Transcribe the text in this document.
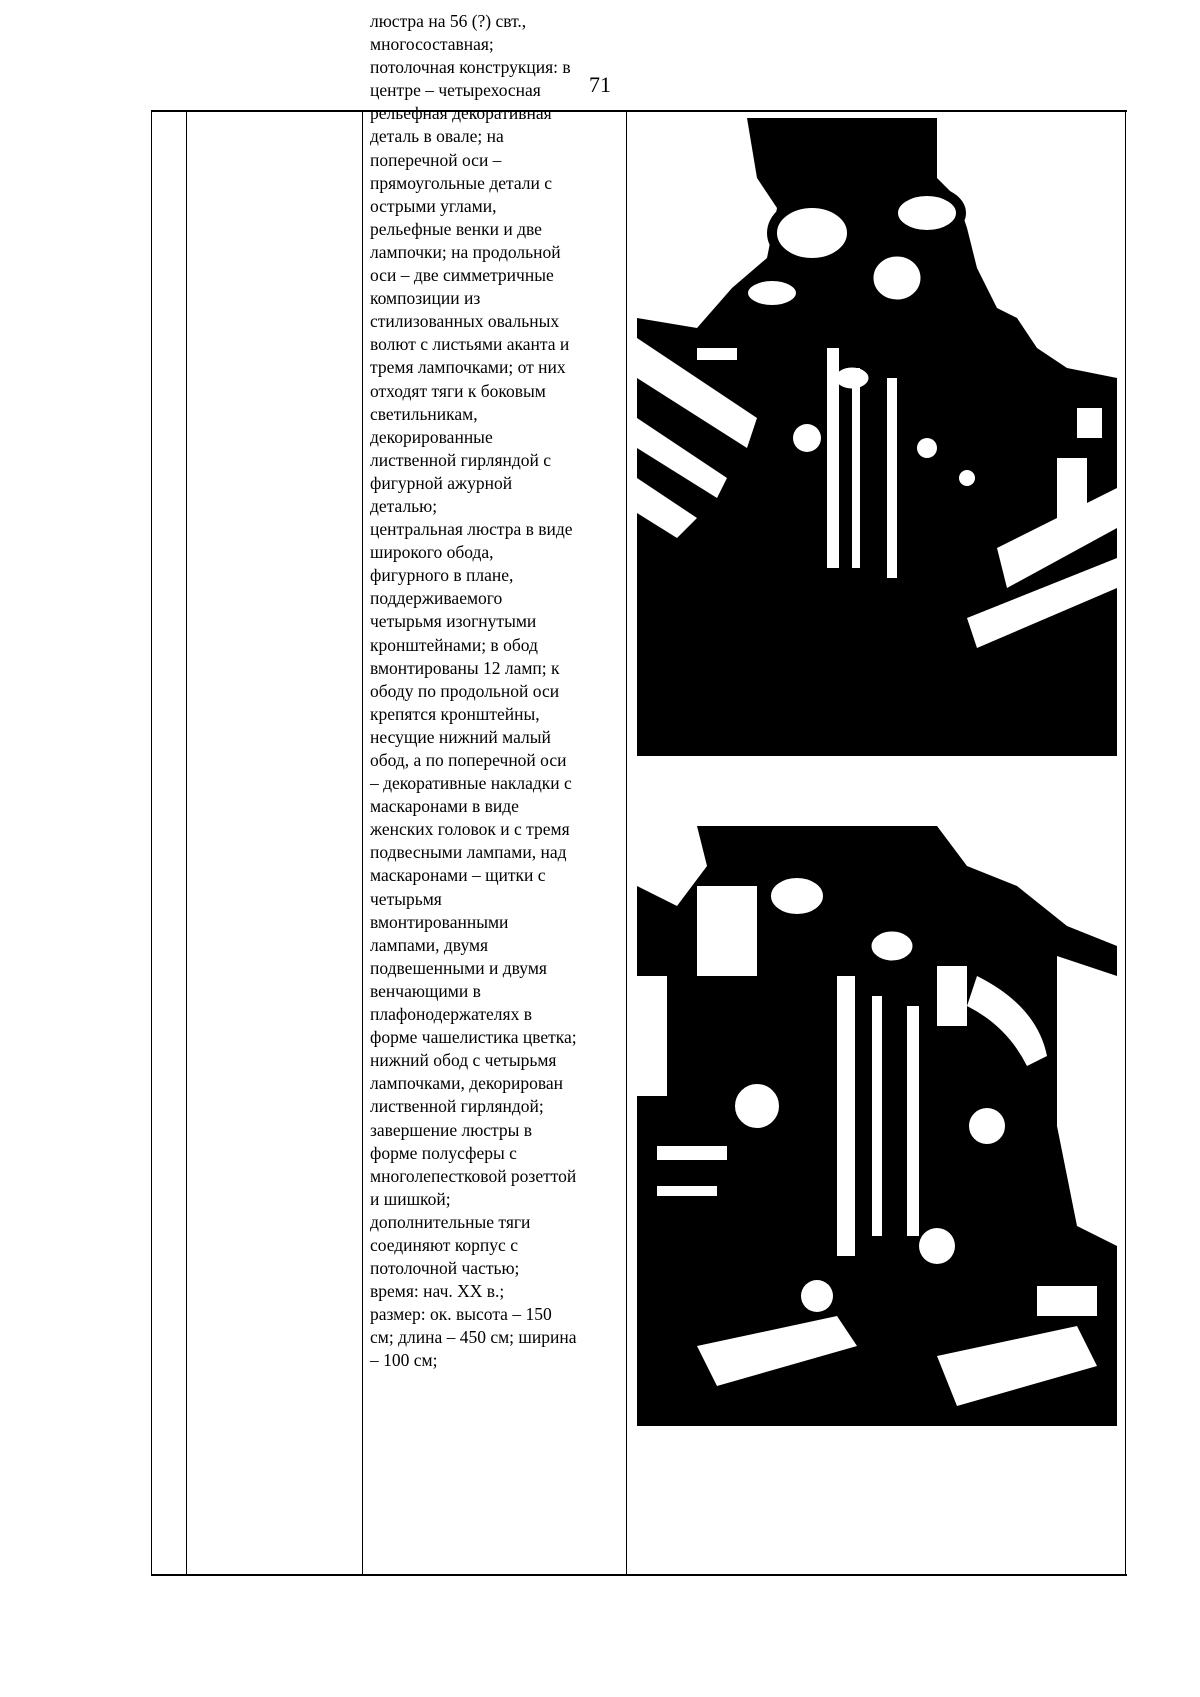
71
люстра на 56 (?) свт.,
многосоставная;
потолочная конструкция: в
центре – четырехосная
рельефная декоративная
деталь в овале; на
поперечной оси –
прямоугольные детали с
острыми углами,
рельефные венки и две
лампочки; на продольной
оси – две симметричные
композиции из
стилизованных овальных
волют с листьями аканта и
тремя лампочками; от них
отходят тяги к боковым
светильникам,
декорированные
лиственной гирляндой с
фигурной ажурной
деталью;
центральная люстра в виде
широкого обода,
фигурного в плане,
поддерживаемого
четырьмя изогнутыми
кронштейнами; в обод
вмонтированы 12 ламп; к
ободу по продольной оси
крепятся кронштейны,
несущие нижний малый
обод, а по поперечной оси
– декоративные накладки с
маскаронами в виде
женских головок и с тремя
подвесными лампами, над
маскаронами – щитки с
четырьмя
вмонтированными
лампами, двумя
подвешенными и двумя
венчающими в
плафонодержателях в
форме чашелистика цветка;
нижний обод с четырьмя
лампочками, декорирован
лиственной гирляндой;
завершение люстры в
форме полусферы с
многолепестковой розеттой
и шишкой;
дополнительные тяги
соединяют корпус с
потолочной частью;
время: нач. XX в.;
размер: ок. высота – 150
см; длина – 450 см; ширина
– 100 см;
